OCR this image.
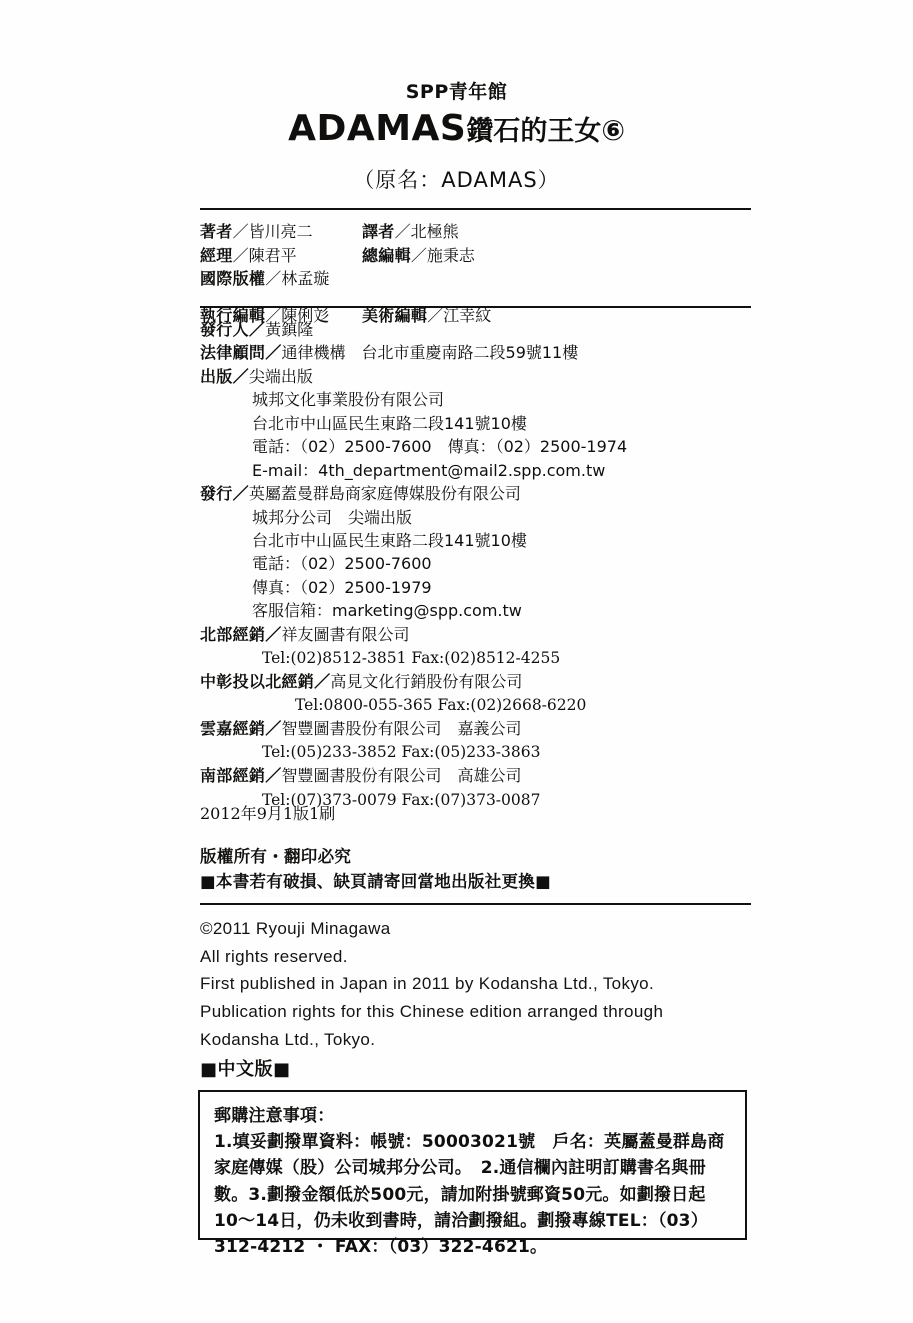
SPP青年館
ADAMAS鑽石的王女⑥
（原名：ADAMAS）
著者／皆川亮二	譯者／北極熊
經理／陳君平	總編輯／施秉志
國際版權／林孟璇
執行編輯／陳俐彣	美術編輯／江幸紋
發行人／黃鎮隆
法律顧問／通律機構　台北市重慶南路二段59號11樓
出版／尖端出版
城邦文化事業股份有限公司
台北市中山區民生東路二段141號10樓
電話：（02）2500-7600　傳真：（02）2500-1974
E-mail：4th_department@mail2.spp.com.tw
發行／英屬蓋曼群島商家庭傳媒股份有限公司
城邦分公司　尖端出版
台北市中山區民生東路二段141號10樓
電話：（02）2500-7600
傳真：（02）2500-1979
客服信箱：marketing@spp.com.tw
北部經銷／祥友圖書有限公司
Tel:(02)8512-3851 Fax:(02)8512-4255
中彰投以北經銷／高見文化行銷股份有限公司
Tel:0800-055-365 Fax:(02)2668-6220
雲嘉經銷／智豐圖書股份有限公司　嘉義公司
Tel:(05)233-3852 Fax:(05)233-3863
南部經銷／智豐圖書股份有限公司　高雄公司
Tel:(07)373-0079 Fax:(07)373-0087
2012年9月1版1刷
版權所有・翻印必究
■本書若有破損、缺頁請寄回當地出版社更換■
©2011 Ryouji Minagawa
All rights reserved.
First published in Japan in 2011 by Kodansha Ltd., Tokyo.
Publication rights for this Chinese edition arranged through
Kodansha Ltd., Tokyo.
■中文版■
郵購注意事項：
1.填妥劃撥單資料：帳號：50003021號　戶名：英屬蓋曼群島商
家庭傳媒（股）公司城邦分公司。　2.通信欄內註明訂購書名與冊
數。3.劃撥金額低於500元，請加附掛號郵資50元。如劃撥日起
10～14日，仍未收到書時，請洽劃撥組。劃撥專線TEL：（03）
312-4212 ・ FAX：（03）322-4621。
